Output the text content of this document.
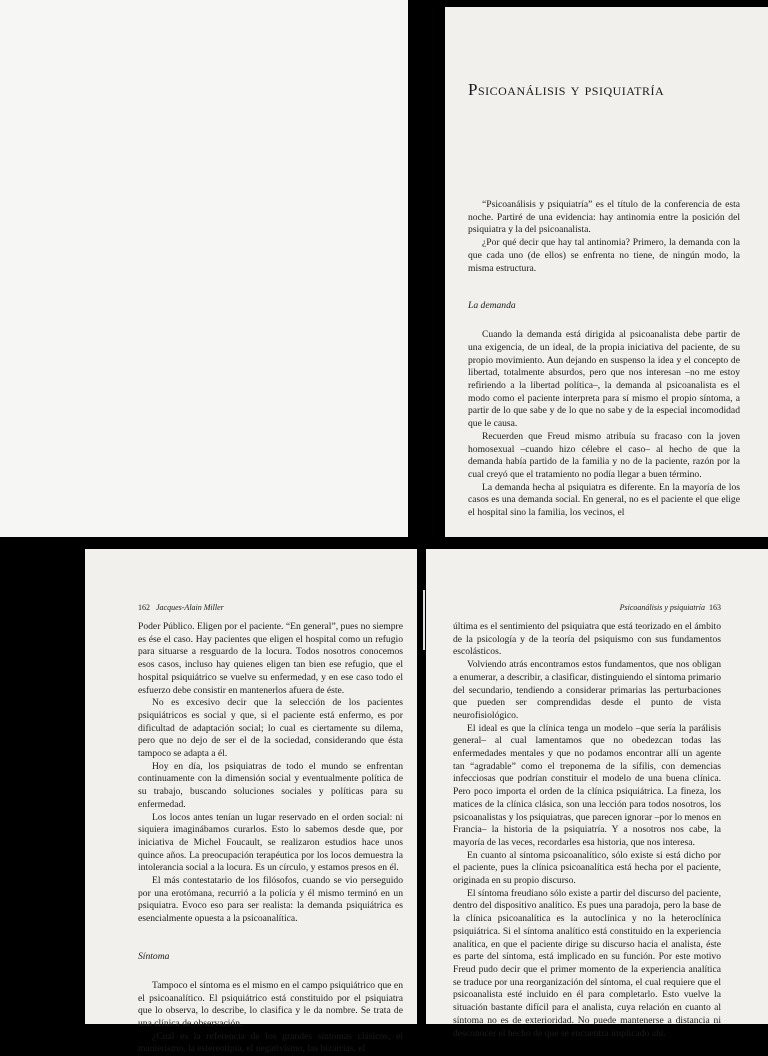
Psicoanálisis y psiquiatría

“Psicoanálisis y psiquiatría” es el título de la conferencia de esta noche. Partiré de una evidencia: hay antinomia entre la posición del psiquiatra y la del psicoanalista.

¿Por qué decir que hay tal antinomia? Primero, la demanda con la que cada uno (de ellos) se enfrenta no tiene, de ningún modo, la misma estructura.

La demanda

Cuando la demanda está dirigida al psicoanalista debe partir de una exigencia, de un ideal, de la propia iniciativa del paciente, de su propio movimiento. Aun dejando en suspenso la idea y el concepto de libertad, totalmente absurdos, pero que nos interesan –no me estoy refiriendo a la libertad política–, la demanda al psicoanalista es el modo como el paciente interpreta para sí mismo el propio síntoma, a partir de lo que sabe y de lo que no sabe y de la especial incomodidad que le causa.

Recuerden que Freud mismo atribuía su fracaso con la joven homosexual –cuando hizo célebre el caso– al hecho de que la demanda había partido de la familia y no de la paciente, razón por la cual creyó que el tratamiento no podía llegar a buen término.

La demanda hecha al psiquiatra es diferente. En la mayoría de los casos es una demanda social. En general, no es el paciente el que elige el hospital sino la familia, los vecinos, el

162 Jacques-Alain Miller

Poder Público. Eligen por el paciente. “En general”, pues no siempre es ése el caso. Hay pacientes que eligen el hospital como un refugio para situarse a resguardo de la locura. Todos nosotros conocemos esos casos, incluso hay quienes eligen tan bien ese refugio, que el hospital psiquiátrico se vuelve su enfermedad, y en ese caso todo el esfuerzo debe consistir en mantenerlos afuera de éste.

No es excesivo decir que la selección de los pacientes psiquiátricos es social y que, si el paciente está enfermo, es por dificultad de adaptación social; lo cual es ciertamente su dilema, pero que no dejo de ser el de la sociedad, considerando que ésta tampoco se adapta a él.

Hoy en día, los psiquiatras de todo el mundo se enfrentan continuamente con la dimensión social y eventualmente política de su trabajo, buscando soluciones sociales y políticas para su enfermedad.

Los locos antes tenían un lugar reservado en el orden social: ni siquiera imaginábamos curarlos. Esto lo sabemos desde que, por iniciativa de Michel Foucault, se realizaron estudios hace unos quince años. La preocupación terapéutica por los locos demuestra la intolerancia social a la locura. Es un círculo, y estamos presos en él.

El más contestatario de los filósofos, cuando se vio perseguido por una erotómana, recurrió a la policía y él mismo terminó en un psiquiatra. Evoco eso para ser realista: la demanda psiquiátrica es esencialmente opuesta a la psicoanalítica.

Síntoma

Tampoco el síntoma es el mismo en el campo psiquiátrico que en el psicoanalítico. El psiquiátrico está constituido por el psiquiatra que lo observa, lo describe, lo clasifica y le da nombre. Se trata de una clínica de observación.

¿Cuál es la referencia de los grandes síntomas clásicos, el manierismo, la estereotipia, el negativismo, las bizarrías, el

Psicoanálisis y psiquiatría 163

última es el sentimiento del psiquiatra que está teorizado en el ámbito de la psicología y de la teoría del psiquismo con sus fundamentos escolásticos.

Volviendo atrás encontramos estos fundamentos, que nos obligan a enumerar, a describir, a clasificar, distinguiendo el síntoma primario del secundario, tendiendo a considerar primarias las perturbaciones que pueden ser comprendidas desde el punto de vista neurofisiológico.

El ideal es que la clínica tenga un modelo –que sería la parálisis general– al cual lamentamos que no obedezcan todas las enfermedades mentales y que no podamos encontrar allí un agente tan “agradable” como el treponema de la sífilis, con demencias infecciosas que podrían constituir el modelo de una buena clínica. Pero poco importa el orden de la clínica psiquiátrica. La fineza, los matices de la clínica clásica, son una lección para todos nosotros, los psicoanalistas y los psiquiatras, que parecen ignorar –por lo menos en Francia– la historia de la psiquiatría. Y a nosotros nos cabe, la mayoría de las veces, recordarles esa historia, que nos interesa.

En cuanto al síntoma psicoanalítico, sólo existe si está dicho por el paciente, pues la clínica psicoanalítica está hecha por el paciente, originada en su propio discurso.

El síntoma freudiano sólo existe a partir del discurso del paciente, dentro del dispositivo analítico. Es pues una paradoja, pero la base de la clínica psicoanalítica es la autoclínica y no la heteroclínica psiquiátrica. Si el síntoma analítico está constituido en la experiencia analítica, en que el paciente dirige su discurso hacia el analista, éste es parte del síntoma, está implicado en su función. Por este motivo Freud pudo decir que el primer momento de la experiencia analítica se traduce por una reorganización del síntoma, el cual requiere que el psicoanalista esté incluido en él para completarlo. Esto vuelve la situación bastante difícil para el analista, cuya relación en cuanto al síntoma no es de exterioridad. No puede mantenerse a distancia ni desconocer el hecho de que se encuentra implicado ahí.
